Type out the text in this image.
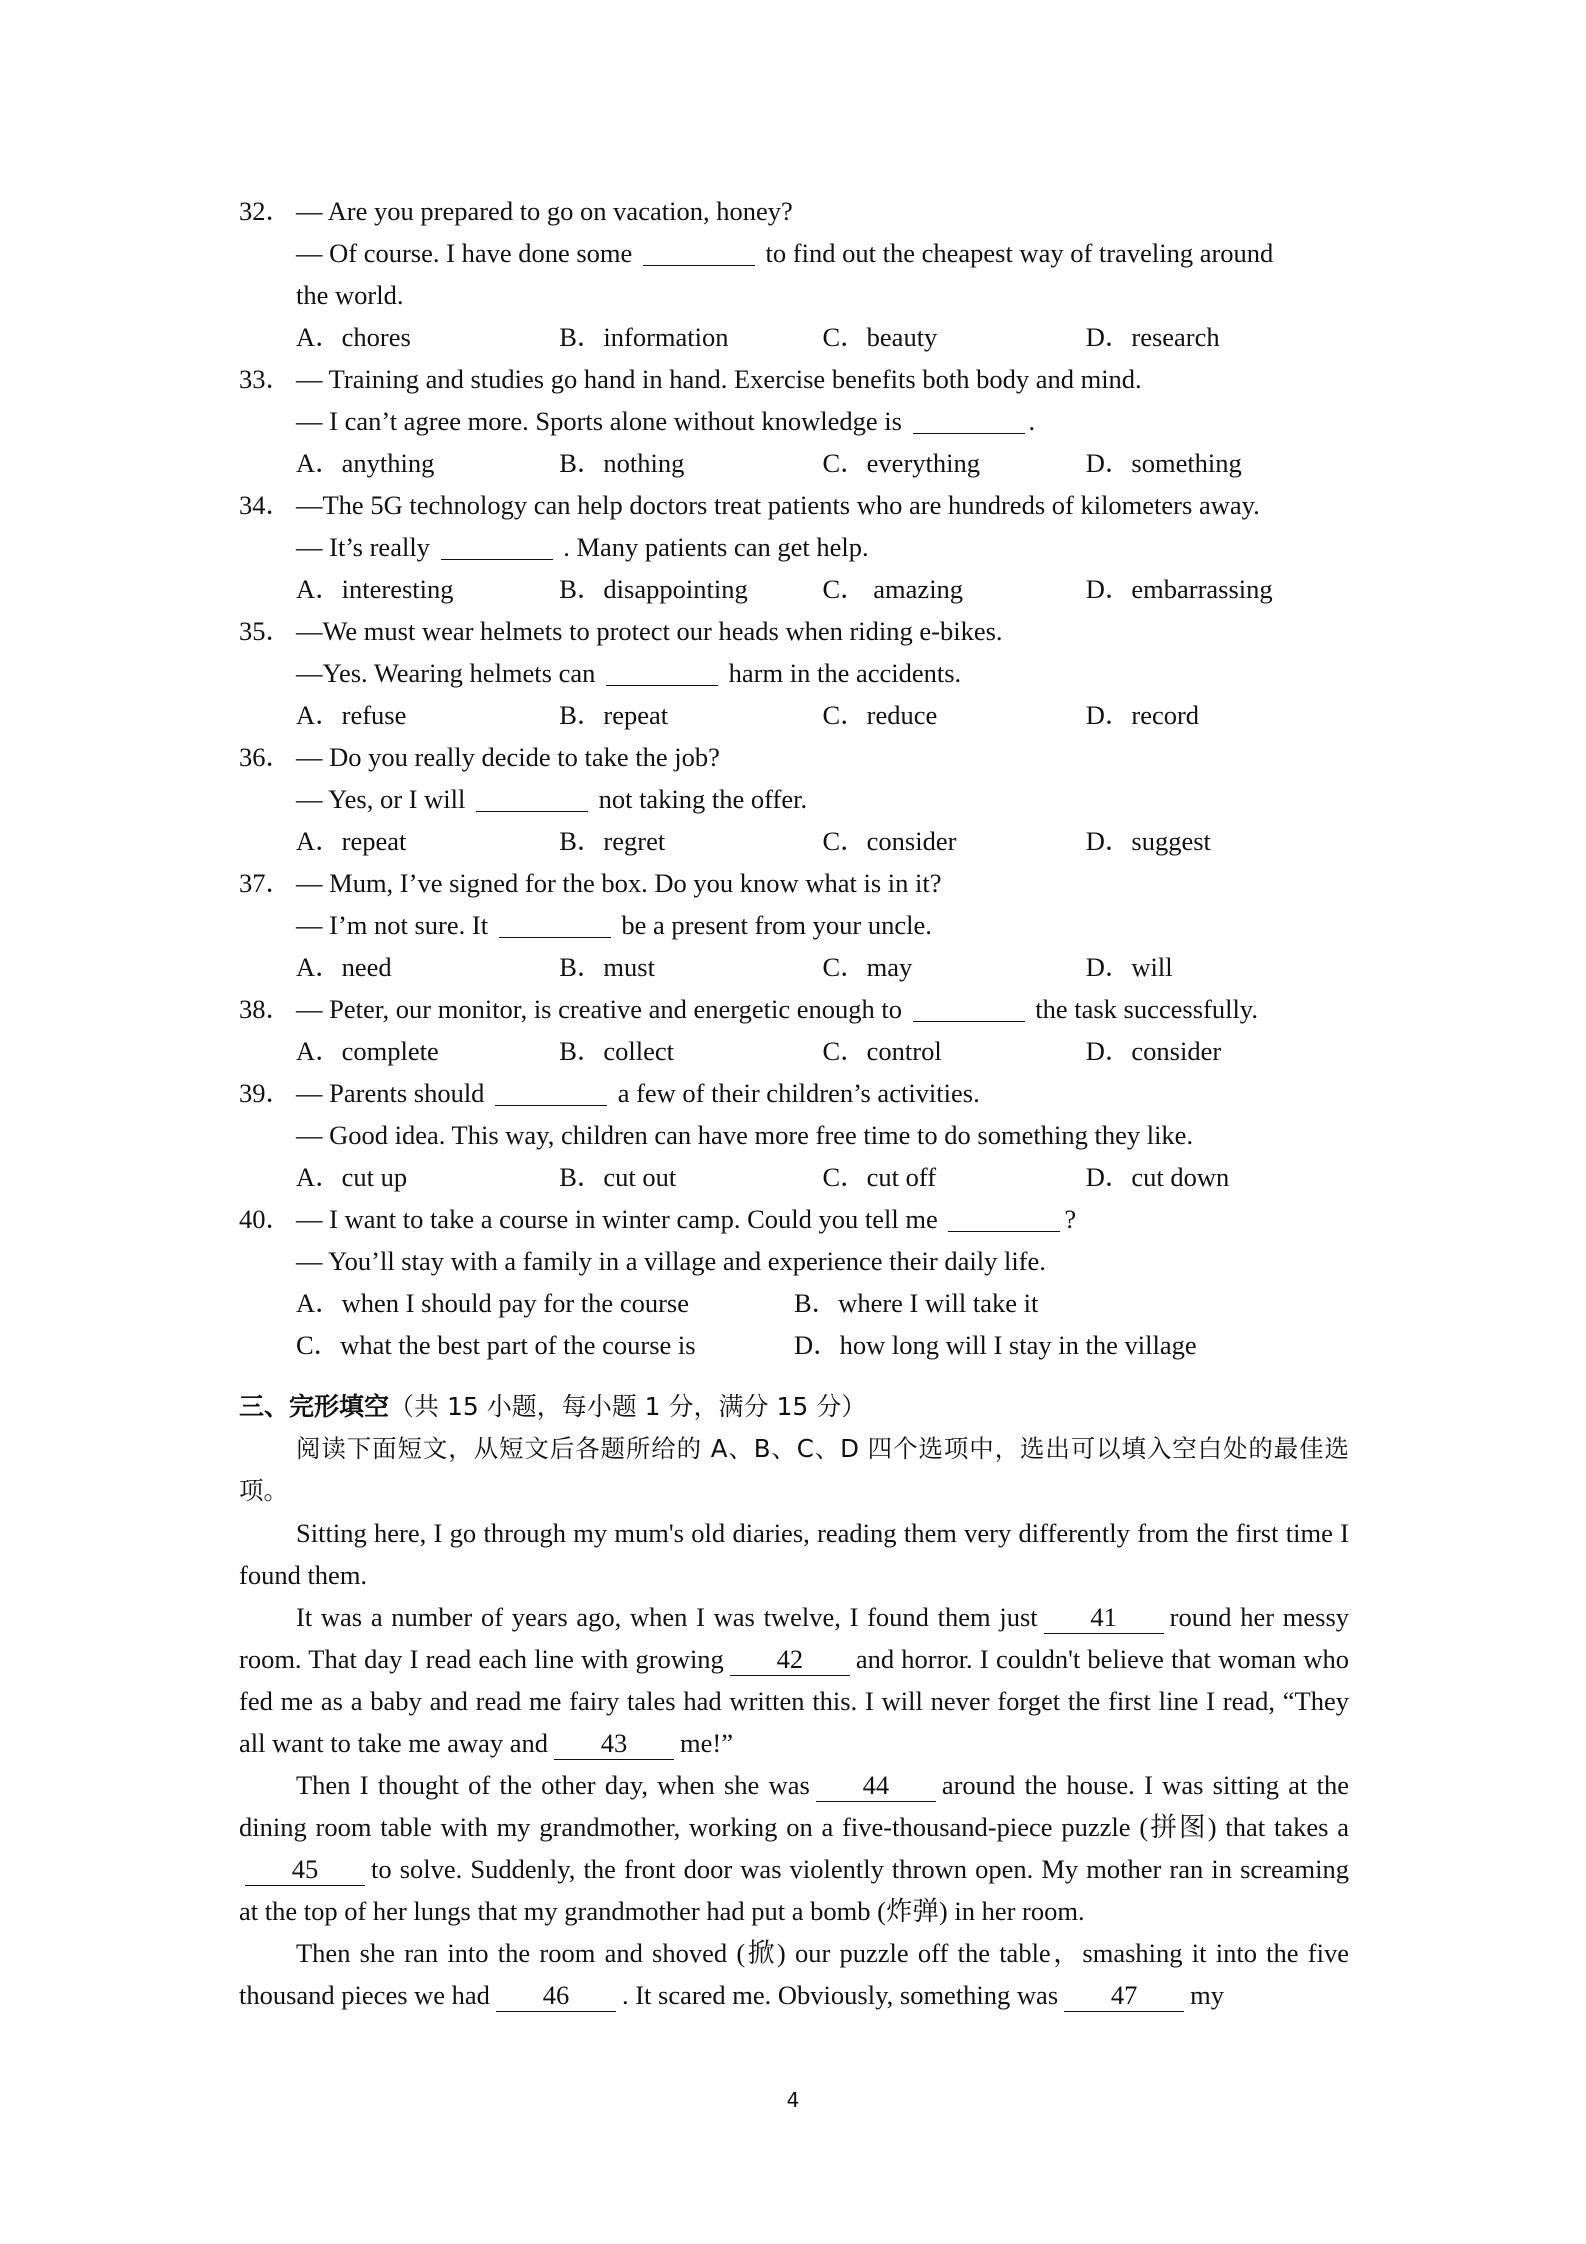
32． — Are you prepared to go on vacation, honey?
— Of course. I have done some	to find out the cheapest way of traveling around
the world.
A．chores	B．information	C．beauty	D．research
33． — Training and studies go hand in hand. Exercise benefits both body and mind.
— I can’t agree more. Sports alone without knowledge is	.
A．anything	B．nothing	C．everything	D．something
34． —The 5G technology can help doctors treat patients who are hundreds of kilometers away.
— It’s really	. Many patients can get help.
A．interesting	B．disappointing	C． amazing	D．embarrassing
35． —We must wear helmets to protect our heads when riding e-bikes.
—Yes. Wearing helmets can	harm in the accidents.
A．refuse	B．repeat	C．reduce	D．record
36． — Do you really decide to take the job?
— Yes, or I will	not taking the offer.
A．repeat	B．regret	C．consider	D．suggest
37． — Mum, I’ve signed for the box. Do you know what is in it?
— I’m not sure. It	be a present from your uncle.
A．need	B．must	C．may	D．will
38． — Peter, our monitor, is creative and energetic enough to	the task successfully.
A．complete	B．collect	C．control	D．consider
39． — Parents should	a few of their children’s activities.
— Good idea. This way, children can have more free time to do something they like.
A．cut up	B．cut out	C．cut off	D．cut down
40． — I want to take a course in winter camp. Could you tell me	?
— You’ll stay with a family in a village and experience their daily life.
A．when I should pay for the course	B．where I will take it
C．what the best part of the course is	D．how long will I stay in the village
三、完形填空（共 15 小题，每小题 1 分，满分 15 分）
阅读下面短文，从短文后各题所给的 A、B、C、D 四个选项中，选出可以填入空白处的最佳选项。
Sitting here, I go through my mum's old diaries, reading them very differently from the first time I found them.
It was a number of years ago, when I was twelve, I found them just 41 round her messy room. That day I read each line with growing 42 and horror. I couldn't believe that woman who fed me as a baby and read me fairy tales had written this. I will never forget the first line I read, “They all want to take me away and 43 me!”
Then I thought of the other day, when she was 44 around the house. I was sitting at the dining room table with my grandmother, working on a five-thousand-piece puzzle (拼图) that takes a45 to solve. Suddenly, the front door was violently thrown open. My mother ran in screaming at the top of her lungs that my grandmother had put a bomb (炸弹) in her room.
Then she ran into the room and shoved (掀) our puzzle off the table，smashing it into the five thousand pieces we had 46 . It scared me. Obviously, something was 47 my
4
